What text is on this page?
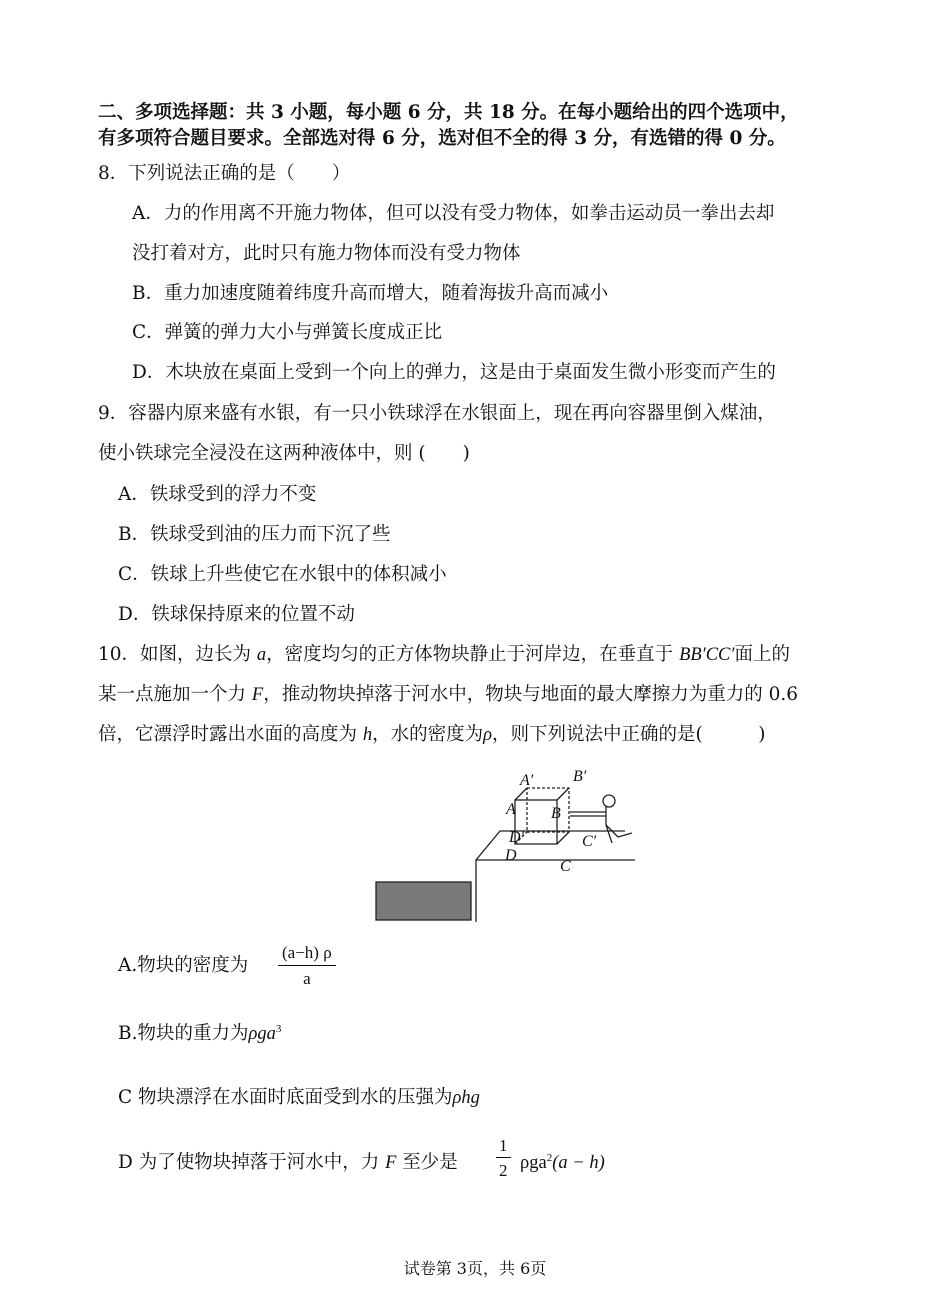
二、多项选择题：共 3 小题，每小题 6 分，共 18 分。在每小题给出的四个选项中，
有多项符合题目要求。全部选对得 6 分，选对但不全的得 3 分，有选错的得 0 分。
8．下列说法正确的是（　　）
A．力的作用离不开施力物体，但可以没有受力物体，如拳击运动员一拳出去却
没打着对方，此时只有施力物体而没有受力物体
B．重力加速度随着纬度升高而增大，随着海拔升高而减小
C．弹簧的弹力大小与弹簧长度成正比
D．木块放在桌面上受到一个向上的弹力，这是由于桌面发生微小形变而产生的
9．容器内原来盛有水银，有一只小铁球浮在水银面上，现在再向容器里倒入煤油，
使小铁球完全浸没在这两种液体中，则 (　　)
A．铁球受到的浮力不变
B．铁球受到油的压力而下沉了些
C．铁球上升些使它在水银中的体积减小
D．铁球保持原来的位置不动
10．如图，边长为 a，密度均匀的正方体物块静止于河岸边，在垂直于 BB′CC′面上的
某一点施加一个力 F，推动物块掉落于河水中，物块与地面的最大摩擦力为重力的 0.6
倍，它漂浮时露出水面的高度为 h，水的密度为ρ，则下列说法中正确的是(　　　)
A′ B′
A B
D′	C′
D
C
A.物块的密度为 $\frac{(a-h) \rho}{a}$
B.物块的重力为ρga$^3$
C 物块漂浮在水面时底面受到水的压强为ρhg
D 为了使物块掉落于河水中，力 F 至少是 $\frac{1}{2} \rho ga^2(a - h)$
试卷第 3页，共 6页
